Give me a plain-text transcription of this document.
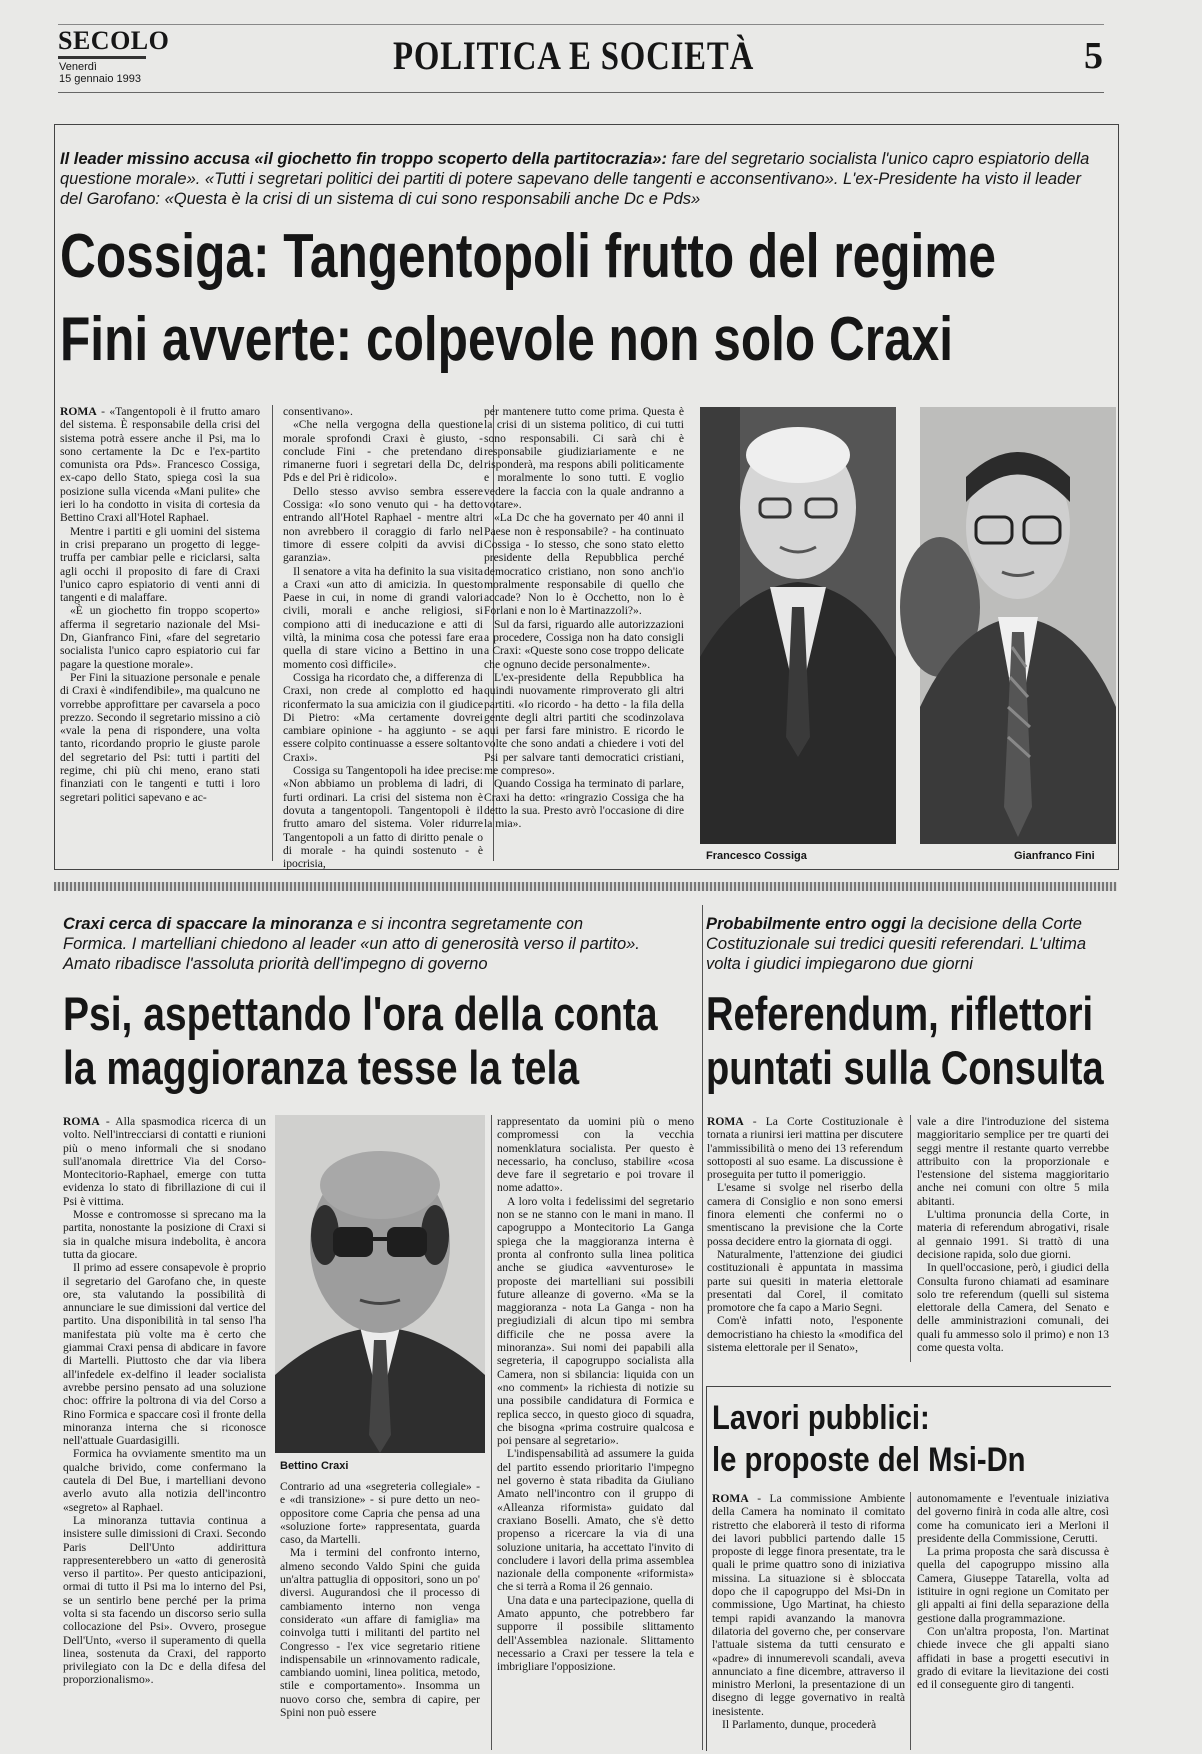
SECOLO
Venerdì
15 gennaio 1993
POLITICA E SOCIETÀ	5
Il leader missino accusa «il giochetto fin troppo scoperto della partitocrazia»: fare del segretario socialista l'unico capro espiatorio della questione morale». «Tutti i segretari politici dei partiti di potere sapevano delle tangenti e acconsentivano». L'ex-Presidente ha visto il leader del Garofano: «Questa è la crisi di un sistema di cui sono responsabili anche Dc e Pds»
Cossiga: Tangentopoli frutto del regime
Fini avverte: colpevole non solo Craxi

ROMA - «Tangentopoli è il frutto amaro del sistema. È responsabile della crisi del sistema potrà essere anche il Psi, ma lo sono certamente la Dc e l'ex-partito comunista ora Pds». Francesco Cossiga, ex-capo dello Stato, spiega così la sua posizione sulla vicenda «Mani pulite» che ieri lo ha condotto in visita di cortesia da Bettino Craxi all'Hotel Raphael.

Mentre i partiti e gli uomini del sistema in crisi preparano un progetto di legge-truffa per cambiar pelle e riciclarsi, salta agli occhi il proposito di fare di Craxi l'unico capro espiatorio di venti anni di tangenti e di malaffare.

«È un giochetto fin troppo scoperto» afferma il segretario nazionale del Msi-Dn, Gianfranco Fini, «fare del segretario socialista l'unico capro espiatorio cui far pagare la questione morale».

Per Fini la situazione personale e penale di Craxi è «indifendibile», ma qualcuno ne vorrebbe approfittare per cavarsela a poco prezzo. Secondo il segretario missino a ciò «vale la pena di rispondere, una volta tanto, ricordando proprio le giuste parole del segretario del Psi: tutti i partiti del regime, chi più chi meno, erano stati finanziati con le tangenti e tutti i loro segretari politici sapevano e ac-

consentivano».

«Che nella vergogna della questione morale sprofondi Craxi è giusto, - conclude Fini - che pretendano di rimanerne fuori i segretari della Dc, del Pds e del Pri è ridicolo».

Dello stesso avviso sembra essere Cossiga: «Io sono venuto qui - ha detto entrando all'Hotel Raphael - mentre altri non avrebbero il coraggio di farlo nel timore di essere colpiti da avvisi di garanzia».

Il senatore a vita ha definito la sua visita a Craxi «un atto di amicizia. In questo Paese in cui, in nome di grandi valori civili, morali e anche religiosi, si compiono atti di ineducazione e atti di viltà, la minima cosa che potessi fare era quella di stare vicino a Bettino in un momento così difficile».

Cossiga ha ricordato che, a differenza di Craxi, non crede al complotto ed ha riconfermato la sua amicizia con il giudice Di Pietro: «Ma certamente dovrei cambiare opinione - ha aggiunto - se a essere colpito continuasse a essere soltanto Craxi».

Cossiga su Tangentopoli ha idee precise: «Non abbiamo un problema di ladri, di furti ordinari. La crisi del sistema non è dovuta a tangentopoli. Tangentopoli è il frutto amaro del sistema. Voler ridurre Tangentopoli a un fatto di diritto penale o di morale - ha quindi sostenuto - è ipocrisia,

per mantenere tutto come prima. Questa è la crisi di un sistema politico, di cui tutti sono responsabili. Ci sarà chi è responsabile giudiziariamente e ne risponderà, ma respons abili politicamente e moralmente lo sono tutti. E voglio vedere la faccia con la quale andranno a votare».

«La Dc che ha governato per 40 anni il Paese non è responsabile? - ha continuato Cossiga - Io stesso, che sono stato eletto presidente della Repubblica perché democratico cristiano, non sono anch'io moralmente responsabile di quello che accade? Non lo è Occhetto, non lo è Forlani e non lo è Martinazzoli?».

Sul da farsi, riguardo alle autorizzazioni a procedere, Cossiga non ha dato consigli a Craxi: «Queste sono cose troppo delicate che ognuno decide personalmente».

L'ex-presidente della Repubblica ha quindi nuovamente rimproverato gli altri partiti. «Io ricordo - ha detto - la fila della gente degli altri partiti che scodinzolava qui per farsi fare ministro. E ricordo le volte che sono andati a chiedere i voti del Psi per salvare tanti democratici cristiani, me compreso».

Quando Cossiga ha terminato di parlare, Craxi ha detto: «ringrazio Cossiga che ha detto la sua. Presto avrò l'occasione di dire la mia».

Francesco Cossiga	Gianfranco Fini
Craxi cerca di spaccare la minoranza e si incontra segretamente con Formica. I martelliani chiedono al leader «un atto di generosità verso il partito». Amato ribadisce l'assoluta priorità dell'impegno di governo
Psi, aspettando l'ora della conta
la maggioranza tesse la tela

ROMA - Alla spasmodica ricerca di un volto. Nell'intrecciarsi di contatti e riunioni più o meno informali che si snodano sull'anomala direttrice Via del Corso-Montecitorio-Raphael, emerge con tutta evidenza lo stato di fibrillazione di cui il Psi è vittima.

Mosse e contromosse si sprecano ma la partita, nonostante la posizione di Craxi si sia in qualche misura indebolita, è ancora tutta da giocare.

Il primo ad essere consapevole è proprio il segretario del Garofano che, in queste ore, sta valutando la possibilità di annunciare le sue dimissioni dal vertice del partito. Una disponibilità in tal senso l'ha manifestata più volte ma è certo che giammai Craxi pensa di abdicare in favore di Martelli. Piuttosto che dar via libera all'infedele ex-delfino il leader socialista avrebbe persino pensato ad una soluzione choc: offrire la poltrona di via del Corso a Rino Formica e spaccare così il fronte della minoranza interna che si riconosce nell'attuale Guardasigilli.

Formica ha ovviamente smentito ma un qualche brivido, come confermano la cautela di Del Bue, i martelliani devono averlo avuto alla notizia dell'incontro «segreto» al Raphael.

La minoranza tuttavia continua a insistere sulle dimissioni di Craxi. Secondo Paris Dell'Unto addirittura rappresenterebbero un «atto di generosità verso il partito». Per questo anticipazioni, ormai di tutto il Psi ma lo interno del Psi, se un sentirlo bene perché per la prima volta si sta facendo un discorso serio sulla collocazione del Psi». Ovvero, prosegue Dell'Unto, «verso il superamento di quella linea, sostenuta da Craxi, del rapporto privilegiato con la Dc e della difesa del proporzionalismo».

Bettino Craxi

Contrario ad una «segreteria collegiale» - e «di transizione» - si pure detto un neo-oppositore come Capria che pensa ad una «soluzione forte» rappresentata, guarda caso, da Martelli.

Ma i termini del confronto interno, almeno secondo Valdo Spini che guida un'altra pattuglia di oppositori, sono un po' diversi. Augurandosi che il processo di cambiamento interno non venga considerato «un affare di famiglia» ma coinvolga tutti i militanti del partito nel Congresso - l'ex vice segretario ritiene indispensabile un «rinnovamento radicale, cambiando uomini, linea politica, metodo, stile e comportamento». Insomma un nuovo corso che, sembra di capire, per Spini non può essere

rappresentato da uomini più o meno compromessi con la vecchia nomenklatura socialista. Per questo è necessario, ha concluso, stabilire «cosa deve fare il segretario e poi trovare il nome adatto».

A loro volta i fedelissimi del segretario non se ne stanno con le mani in mano. Il capogruppo a Montecitorio La Ganga spiega che la maggioranza interna è pronta al confronto sulla linea politica anche se giudica «avventurose» le proposte dei martelliani sui possibili future alleanze di governo. «Ma se la maggioranza - nota La Ganga - non ha pregiudiziali di alcun tipo mi sembra difficile che ne possa avere la minoranza». Sui nomi dei papabili alla segreteria, il capogruppo socialista alla Camera, non si sbilancia: liquida con un «no comment» la richiesta di notizie su una possibile candidatura di Formica e replica secco, in questo gioco di squadra, che bisogna «prima costruire qualcosa e poi pensare al segretario».

L'indispensabilità ad assumere la guida del partito essendo prioritario l'impegno nel governo è stata ribadita da Giuliano Amato nell'incontro con il gruppo di «Alleanza riformista» guidato dal craxiano Boselli. Amato, che s'è detto propenso a ricercare la via di una soluzione unitaria, ha accettato l'invito di concludere i lavori della prima assemblea nazionale della componente «riformista» che si terrà a Roma il 26 gennaio.

Una data e una partecipazione, quella di Amato appunto, che potrebbero far supporre il possibile slittamento dell'Assemblea nazionale. Slittamento necessario a Craxi per tessere la tela e imbrigliare l'opposizione.

Probabilmente entro oggi la decisione della Corte Costituzionale sui tredici quesiti referendari. L'ultima volta i giudici impiegarono due giorni
Referendum, riflettori
puntati sulla Consulta

ROMA - La Corte Costituzionale è tornata a riunirsi ieri mattina per discutere l'ammissibilità o meno dei 13 referendum sottoposti al suo esame. La discussione è proseguita per tutto il pomeriggio.

L'esame si svolge nel riserbo della camera di Consiglio e non sono emersi finora elementi che confermi no o smentiscano la previsione che la Corte possa decidere entro la giornata di oggi.

Naturalmente, l'attenzione dei giudici costituzionali è appuntata in massima parte sui quesiti in materia elettorale presentati dal Corel, il comitato promotore che fa capo a Mario Segni.

Com'è infatti noto, l'esponente democristiano ha chiesto la «modifica del sistema elettorale per il Senato»,

vale a dire l'introduzione del sistema maggioritario semplice per tre quarti dei seggi mentre il restante quarto verrebbe attribuito con la proporzionale e l'estensione del sistema maggioritario anche nei comuni con oltre 5 mila abitanti.

L'ultima pronuncia della Corte, in materia di referendum abrogativi, risale al gennaio 1991. Si trattò di una decisione rapida, solo due giorni.

In quell'occasione, però, i giudici della Consulta furono chiamati ad esaminare solo tre referendum (quelli sul sistema elettorale della Camera, del Senato e delle amministrazioni comunali, dei quali fu ammesso solo il primo) e non 13 come questa volta.

Lavori pubblici:
le proposte del Msi-Dn

ROMA - La commissione Ambiente della Camera ha nominato il comitato ristretto che elaborerà il testo di riforma dei lavori pubblici partendo dalle 15 proposte di legge finora presentate, tra le quali le prime quattro sono di iniziativa missina. La situazione si è sbloccata dopo che il capogruppo del Msi-Dn in commissione, Ugo Martinat, ha chiesto tempi rapidi avanzando la manovra dilatoria del governo che, per conservare l'attuale sistema da tutti censurato e «padre» di innumerevoli scandali, aveva annunciato a fine dicembre, attraverso il ministro Merloni, la presentazione di un disegno di legge governativo in realtà inesistente.

Il Parlamento, dunque, procederà

autonomamente e l'eventuale iniziativa del governo finirà in coda alle altre, così come ha comunicato ieri a Merloni il presidente della Commissione, Cerutti.

La prima proposta che sarà discussa è quella del capogruppo missino alla Camera, Giuseppe Tatarella, volta ad istituire in ogni regione un Comitato per gli appalti ai fini della separazione della gestione dalla programmazione.

Con un'altra proposta, l'on. Martinat chiede invece che gli appalti siano affidati in base a progetti esecutivi in grado di evitare la lievitazione dei costi ed il conseguente giro di tangenti.
